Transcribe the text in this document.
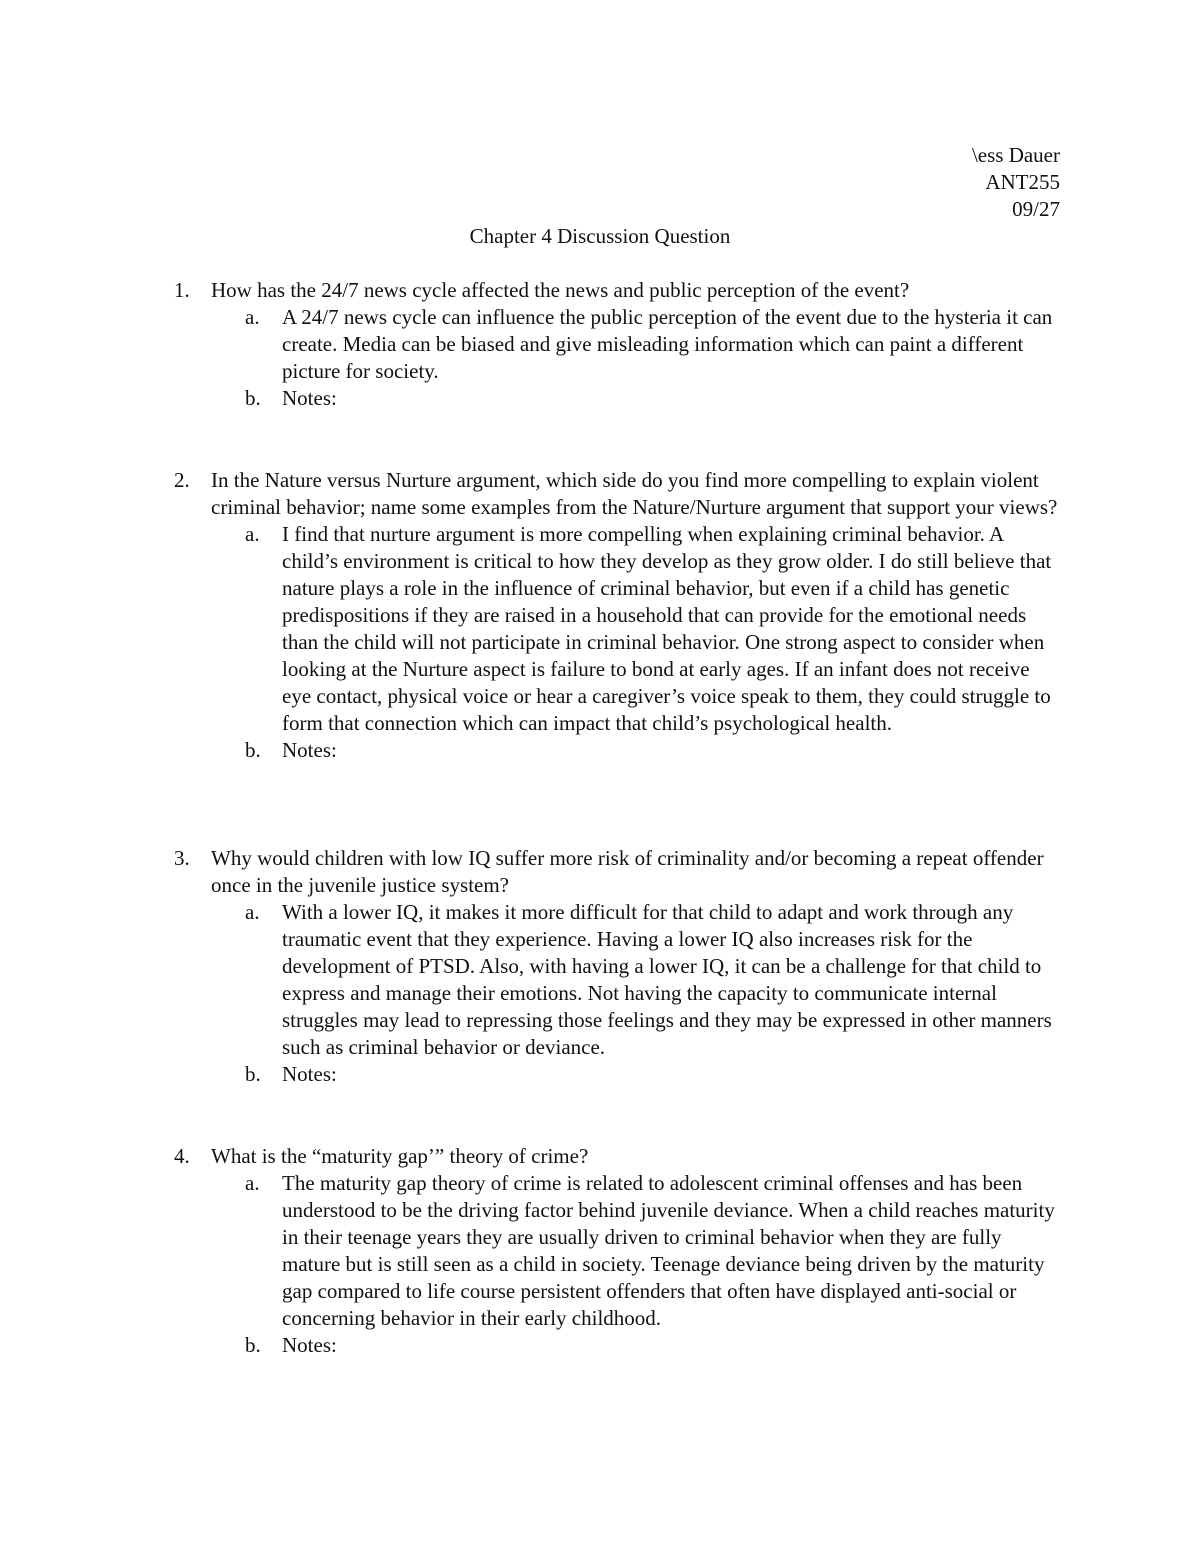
\ess Dauer
ANT255
09/27
Chapter 4 Discussion Question
1.	How has the 24/7 news cycle affected the news and public perception of the event?
a. A 24/7 news cycle can influence the public perception of the event due to the hysteria it can create. Media can be biased and give misleading information which can paint a different picture for society.
b. Notes:
2.	In the Nature versus Nurture argument, which side do you find more compelling to explain violent criminal behavior; name some examples from the Nature/Nurture argument that support your views?
a. I find that nurture argument is more compelling when explaining criminal behavior. A child’s environment is critical to how they develop as they grow older. I do still believe that nature plays a role in the influence of criminal behavior, but even if a child has genetic predispositions if they are raised in a household that can provide for the emotional needs than the child will not participate in criminal behavior. One strong aspect to consider when looking at the Nurture aspect is failure to bond at early ages. If an infant does not receive eye contact, physical voice or hear a caregiver’s voice speak to them, they could struggle to form that connection which can impact that child’s psychological health.
b. Notes:
3.	Why would children with low IQ suffer more risk of criminality and/or becoming a repeat offender once in the juvenile justice system?
a. With a lower IQ, it makes it more difficult for that child to adapt and work through any traumatic event that they experience. Having a lower IQ also increases risk for the development of PTSD. Also, with having a lower IQ, it can be a challenge for that child to express and manage their emotions. Not having the capacity to communicate internal struggles may lead to repressing those feelings and they may be expressed in other manners such as criminal behavior or deviance.
b. Notes:
4.	What is the “maturity gap’” theory of crime?
a. The maturity gap theory of crime is related to adolescent criminal offenses and has been understood to be the driving factor behind juvenile deviance. When a child reaches maturity in their teenage years they are usually driven to criminal behavior when they are fully mature but is still seen as a child in society. Teenage deviance being driven by the maturity gap compared to life course persistent offenders that often have displayed anti-social or concerning behavior in their early childhood.
b. Notes:
